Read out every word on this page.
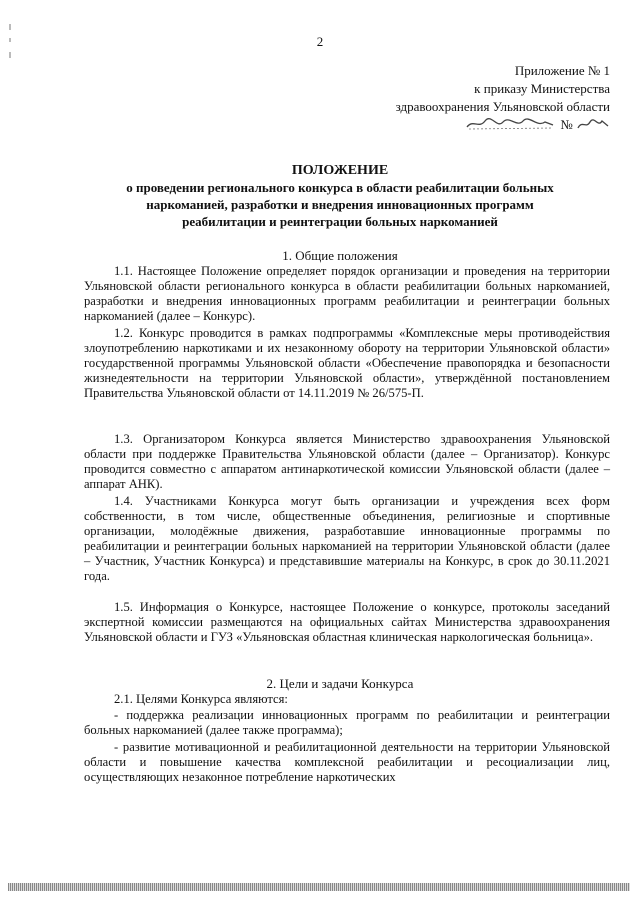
2
Приложение № 1
к приказу Министерства
здравоохранения Ульяновской области
№
ПОЛОЖЕНИЕ
о проведении регионального конкурса в области реабилитации больных
наркоманией, разработки и внедрения инновационных программ
реабилитации и реинтеграции больных наркоманией
1. Общие положения
1.1. Настоящее Положение определяет порядок организации и проведения на территории Ульяновской области регионального конкурса в области реабилитации больных наркоманией, разработки и внедрения инновационных программ реабилитации и реинтеграции больных наркоманией (далее – Конкурс).
1.2. Конкурс проводится в рамках подпрограммы «Комплексные меры противодействия злоупотреблению наркотиками и их незаконному обороту на территории Ульяновской области» государственной программы Ульяновской области «Обеспечение правопорядка и безопасности жизнедеятельности на территории Ульяновской области», утверждённой постановлением Правительства Ульяновской области от 14.11.2019 № 26/575-П.
1.3. Организатором Конкурса является Министерство здравоохранения Ульяновской области при поддержке Правительства Ульяновской области (далее – Организатор). Конкурс проводится совместно с аппаратом антинаркотической комиссии Ульяновской области (далее – аппарат АНК).
1.4. Участниками Конкурса могут быть организации и учреждения всех форм собственности, в том числе, общественные объединения, религиозные и спортивные организации, молодёжные движения, разработавшие инновационные программы по реабилитации и реинтеграции больных наркоманией на территории Ульяновской области (далее – Участник, Участник Конкурса) и представившие материалы на Конкурс, в срок до 30.11.2021 года.
1.5. Информация о Конкурсе, настоящее Положение о конкурсе, протоколы заседаний экспертной комиссии размещаются на официальных сайтах Министерства здравоохранения Ульяновской области и ГУЗ «Ульяновская областная клиническая наркологическая больница».
2. Цели и задачи Конкурса
2.1. Целями Конкурса являются:
- поддержка реализации инновационных программ по реабилитации и реинтеграции больных наркоманией (далее также программа);
- развитие мотивационной и реабилитационной деятельности на территории Ульяновской области и повышение качества комплексной реабилитации и ресоциализации лиц, осуществляющих незаконное потребление наркотических
